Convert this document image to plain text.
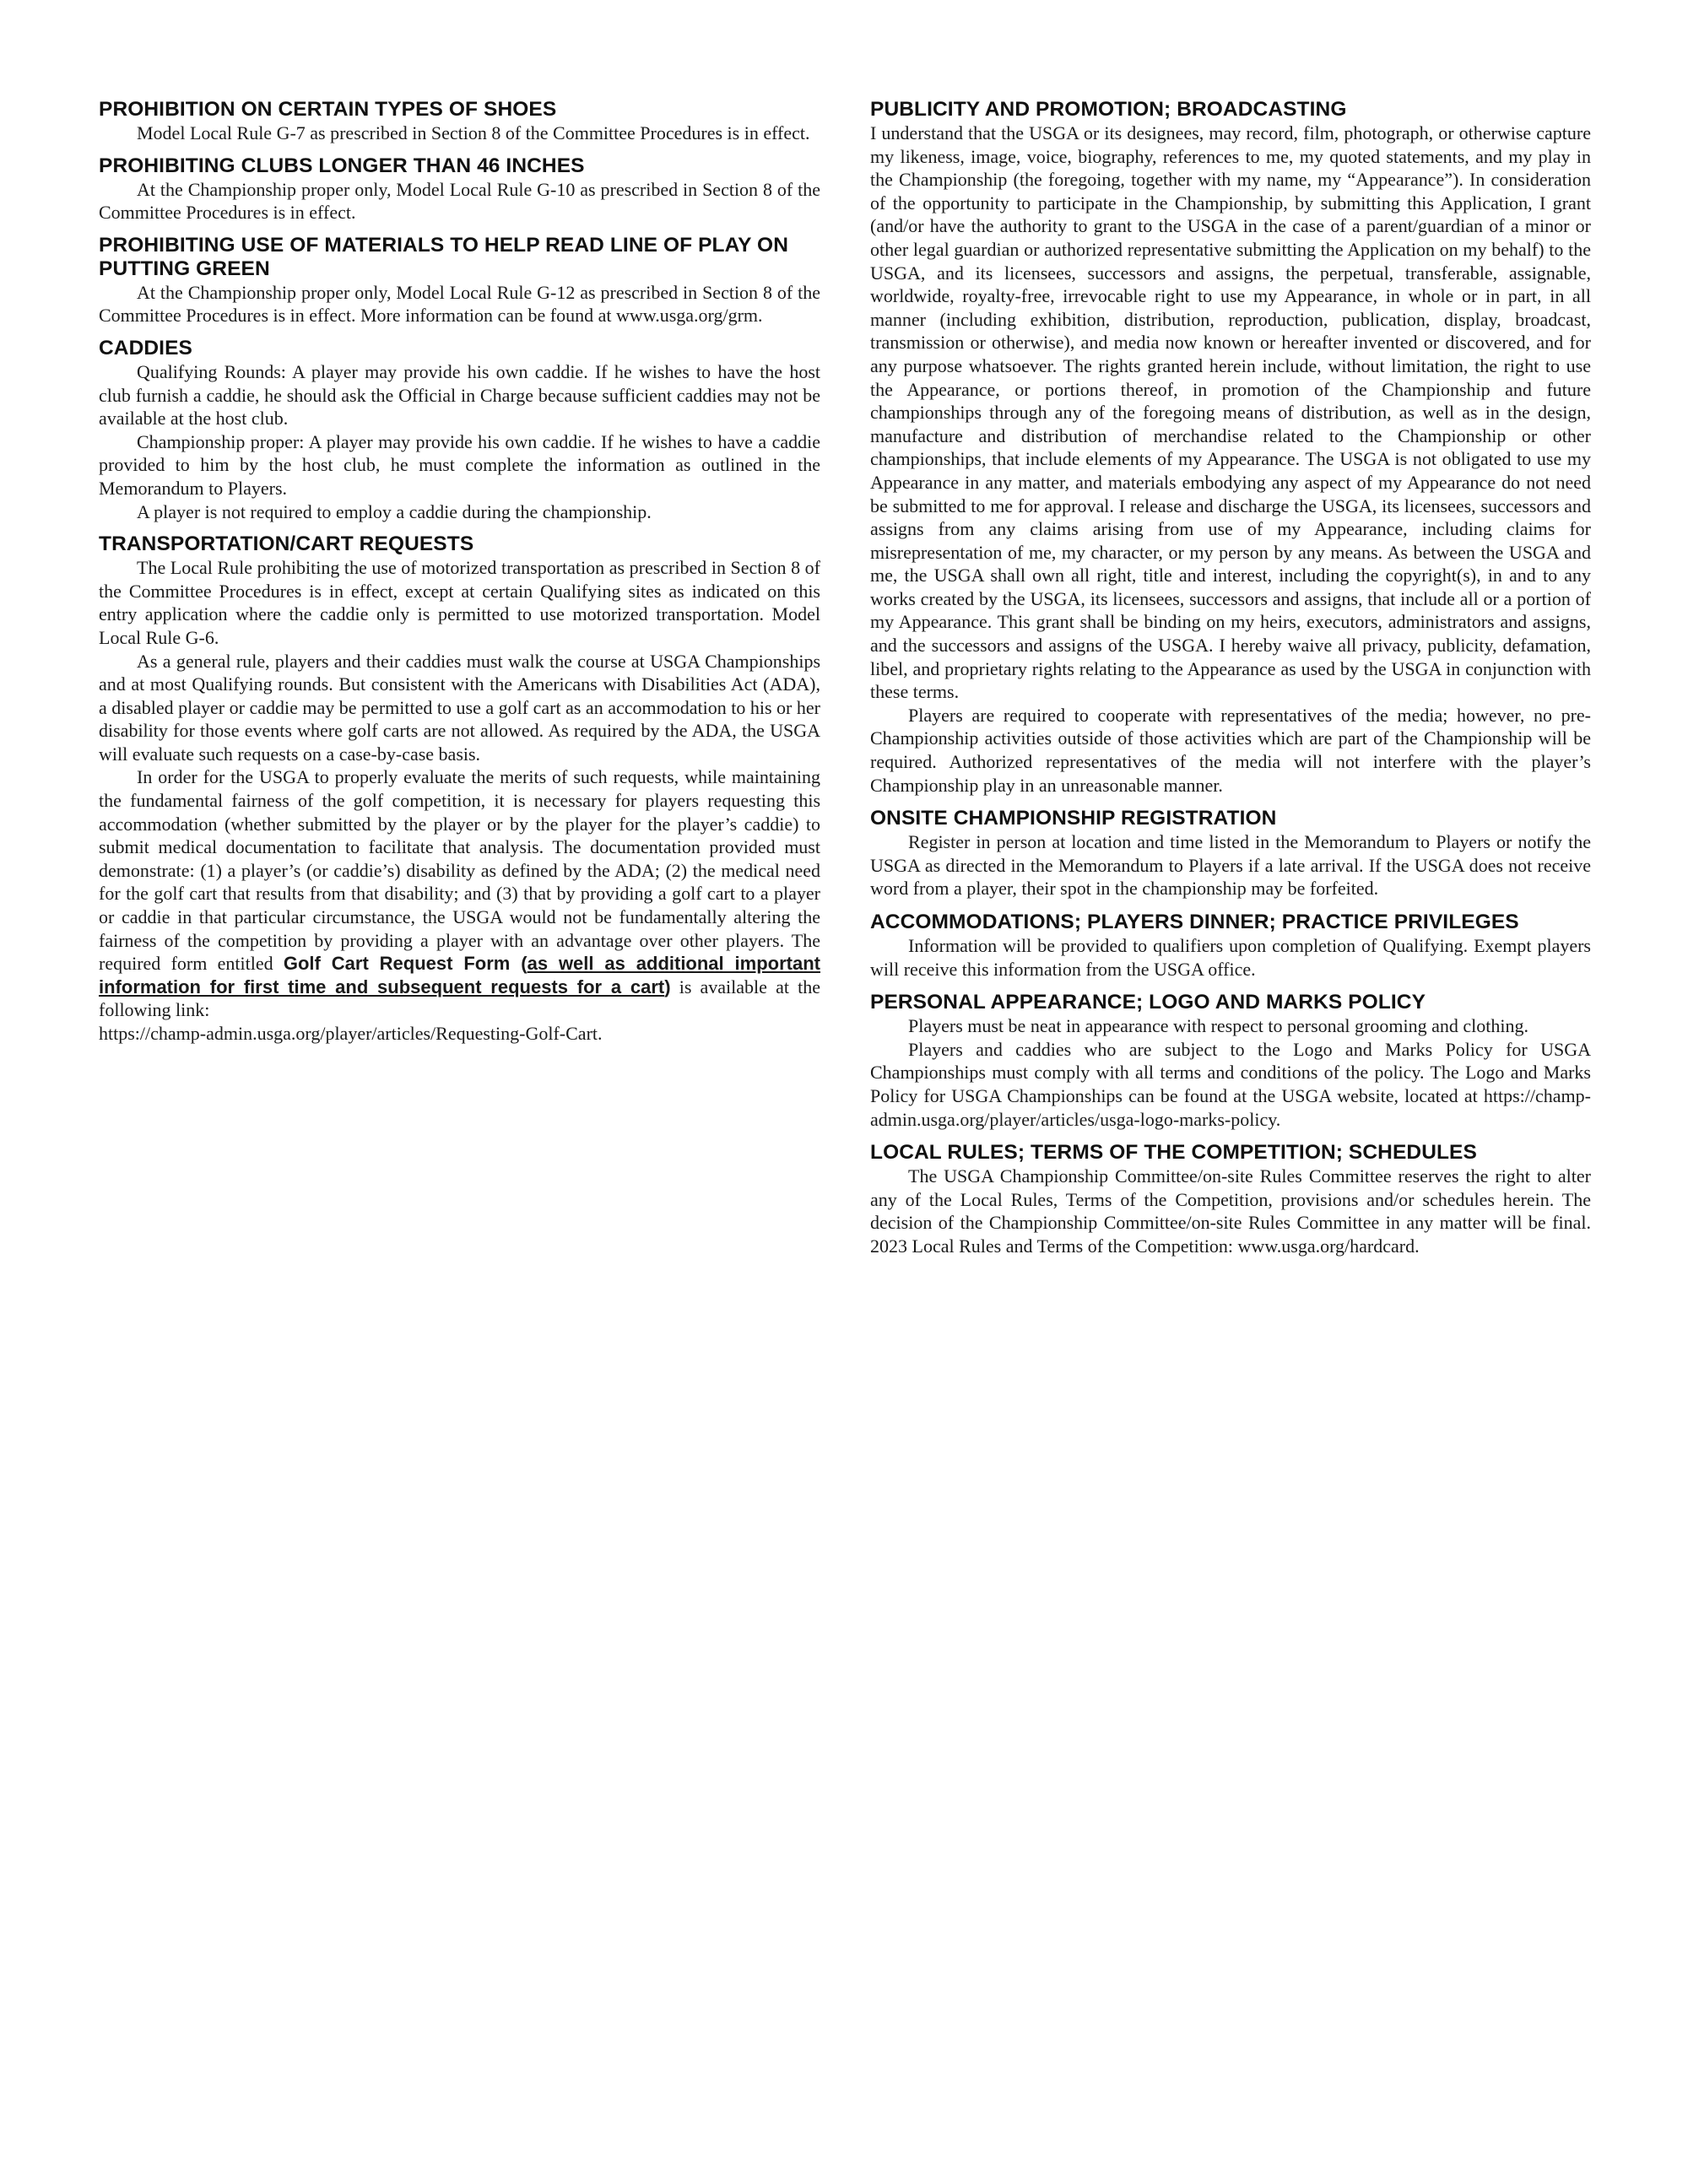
PROHIBITION ON CERTAIN TYPES OF SHOES

Model Local Rule G-7 as prescribed in Section 8 of the Committee Procedures is in effect.

PROHIBITING CLUBS LONGER THAN 46 INCHES

At the Championship proper only, Model Local Rule G-10 as prescribed in Section 8 of the Committee Procedures is in effect.

PROHIBITING USE OF MATERIALS TO HELP READ LINE OF PLAY ON PUTTING GREEN

At the Championship proper only, Model Local Rule G-12 as prescribed in Section 8 of the Committee Procedures is in effect. More information can be found at www.usga.org/grm.

CADDIES

Qualifying Rounds: A player may provide his own caddie. If he wishes to have the host club furnish a caddie, he should ask the Official in Charge because sufficient caddies may not be available at the host club.

Championship proper: A player may provide his own caddie. If he wishes to have a caddie provided to him by the host club, he must complete the information as outlined in the Memorandum to Players.

A player is not required to employ a caddie during the championship.

TRANSPORTATION/CART REQUESTS

The Local Rule prohibiting the use of motorized transportation as prescribed in Section 8 of the Committee Procedures is in effect, except at certain Qualifying sites as indicated on this entry application where the caddie only is permitted to use motorized transportation. Model Local Rule G-6.

As a general rule, players and their caddies must walk the course at USGA Championships and at most Qualifying rounds. But consistent with the Americans with Disabilities Act (ADA), a disabled player or caddie may be permitted to use a golf cart as an accommodation to his or her disability for those events where golf carts are not allowed. As required by the ADA, the USGA will evaluate such requests on a case-by-case basis.

In order for the USGA to properly evaluate the merits of such requests, while maintaining the fundamental fairness of the golf competition, it is necessary for players requesting this accommodation (whether submitted by the player or by the player for the player’s caddie) to submit medical documentation to facilitate that analysis. The documentation provided must demonstrate: (1) a player’s (or caddie’s) disability as defined by the ADA; (2) the medical need for the golf cart that results from that disability; and (3) that by providing a golf cart to a player or caddie in that particular circumstance, the USGA would not be fundamentally altering the fairness of the competition by providing a player with an advantage over other players. The required form entitled Golf Cart Request Form (as well as additional important information for first time and subsequent requests for a cart) is available at the following link:

https://champ-admin.usga.org/player/articles/Requesting-Golf-Cart.

PUBLICITY AND PROMOTION; BROADCASTING

I understand that the USGA or its designees, may record, film, photograph, or otherwise capture my likeness, image, voice, biography, references to me, my quoted statements, and my play in the Championship (the foregoing, together with my name, my “Appearance”). In consideration of the opportunity to participate in the Championship, by submitting this Application, I grant (and/or have the authority to grant to the USGA in the case of a parent/guardian of a minor or other legal guardian or authorized representative submitting the Application on my behalf) to the USGA, and its licensees, successors and assigns, the perpetual, transferable, assignable, worldwide, royalty-free, irrevocable right to use my Appearance, in whole or in part, in all manner (including exhibition, distribution, reproduction, publication, display, broadcast, transmission or otherwise), and media now known or hereafter invented or discovered, and for any purpose whatsoever. The rights granted herein include, without limitation, the right to use the Appearance, or portions thereof, in promotion of the Championship and future championships through any of the foregoing means of distribution, as well as in the design, manufacture and distribution of merchandise related to the Championship or other championships, that include elements of my Appearance. The USGA is not obligated to use my Appearance in any matter, and materials embodying any aspect of my Appearance do not need be submitted to me for approval. I release and discharge the USGA, its licensees, successors and assigns from any claims arising from use of my Appearance, including claims for misrepresentation of me, my character, or my person by any means. As between the USGA and me, the USGA shall own all right, title and interest, including the copyright(s), in and to any works created by the USGA, its licensees, successors and assigns, that include all or a portion of my Appearance. This grant shall be binding on my heirs, executors, administrators and assigns, and the successors and assigns of the USGA. I hereby waive all privacy, publicity, defamation, libel, and proprietary rights relating to the Appearance as used by the USGA in conjunction with these terms.

Players are required to cooperate with representatives of the media; however, no pre-Championship activities outside of those activities which are part of the Championship will be required. Authorized representatives of the media will not interfere with the player’s Championship play in an unreasonable manner.

ONSITE CHAMPIONSHIP REGISTRATION

Register in person at location and time listed in the Memorandum to Players or notify the USGA as directed in the Memorandum to Players if a late arrival. If the USGA does not receive word from a player, their spot in the championship may be forfeited.

ACCOMMODATIONS; PLAYERS DINNER; PRACTICE PRIVILEGES

Information will be provided to qualifiers upon completion of Qualifying. Exempt players will receive this information from the USGA office.

PERSONAL APPEARANCE; LOGO AND MARKS POLICY

Players must be neat in appearance with respect to personal grooming and clothing.

Players and caddies who are subject to the Logo and Marks Policy for USGA Championships must comply with all terms and conditions of the policy. The Logo and Marks Policy for USGA Championships can be found at the USGA website, located at https://champ-admin.usga.org/player/articles/usga-logo-marks-policy.

LOCAL RULES; TERMS OF THE COMPETITION; SCHEDULES

The USGA Championship Committee/on-site Rules Committee reserves the right to alter any of the Local Rules, Terms of the Competition, provisions and/or schedules herein. The decision of the Championship Committee/on-site Rules Committee in any matter will be final. 2023 Local Rules and Terms of the Competition: www.usga.org/hardcard.
